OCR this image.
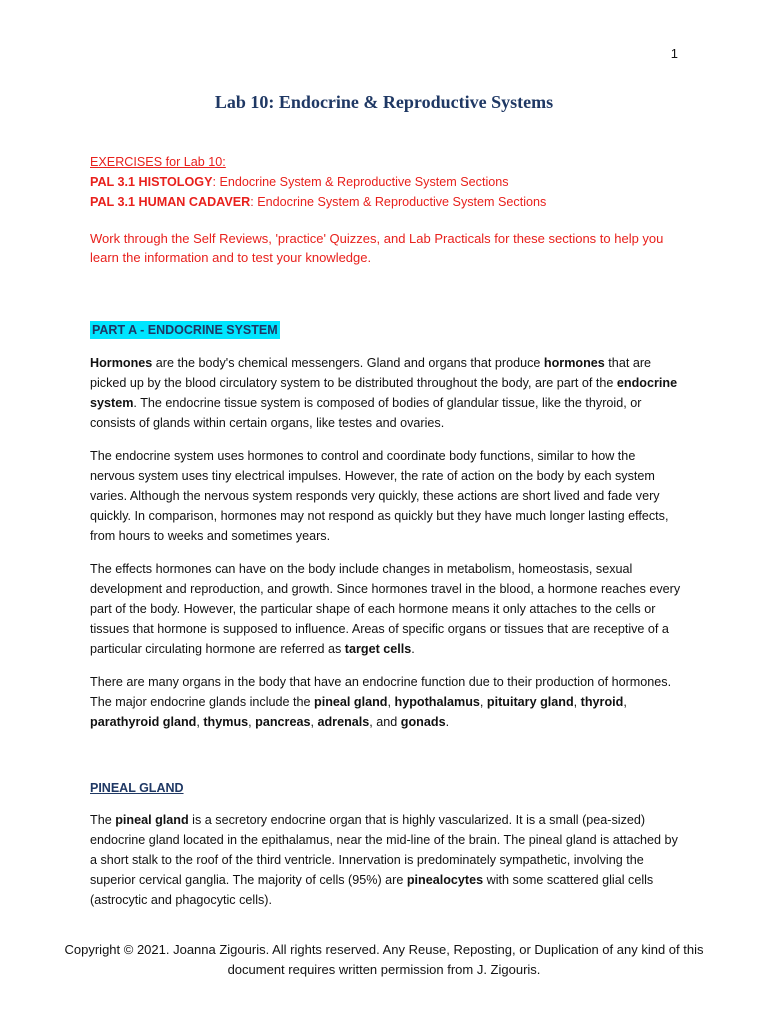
1
Lab 10: Endocrine & Reproductive Systems
EXERCISES for Lab 10:
PAL 3.1 HISTOLOGY: Endocrine System & Reproductive System Sections
PAL 3.1 HUMAN CADAVER: Endocrine System & Reproductive System Sections
Work through the Self Reviews, 'practice' Quizzes, and Lab Practicals for these sections to help you learn the information and to test your knowledge.
PART A - ENDOCRINE SYSTEM

Hormones are the body's chemical messengers. Gland and organs that produce hormones that are picked up by the blood circulatory system to be distributed throughout the body, are part of the endocrine system. The endocrine tissue system is composed of bodies of glandular tissue, like the thyroid, or consists of glands within certain organs, like testes and ovaries.

The endocrine system uses hormones to control and coordinate body functions, similar to how the nervous system uses tiny electrical impulses. However, the rate of action on the body by each system varies. Although the nervous system responds very quickly, these actions are short lived and fade very quickly. In comparison, hormones may not respond as quickly but they have much longer lasting effects, from hours to weeks and sometimes years.

The effects hormones can have on the body include changes in metabolism, homeostasis, sexual development and reproduction, and growth. Since hormones travel in the blood, a hormone reaches every part of the body. However, the particular shape of each hormone means it only attaches to the cells or tissues that hormone is supposed to influence. Areas of specific organs or tissues that are receptive of a particular circulating hormone are referred as target cells.

There are many organs in the body that have an endocrine function due to their production of hormones. The major endocrine glands include the pineal gland, hypothalamus, pituitary gland, thyroid, parathyroid gland, thymus, pancreas, adrenals, and gonads.

PINEAL GLAND

The pineal gland is a secretory endocrine organ that is highly vascularized. It is a small (pea-sized) endocrine gland located in the epithalamus, near the mid-line of the brain. The pineal gland is attached by a short stalk to the roof of the third ventricle. Innervation is predominately sympathetic, involving the superior cervical ganglia. The majority of cells (95%) are pinealocytes with some scattered glial cells (astrocytic and phagocytic cells).

Copyright © 2021. Joanna Zigouris. All rights reserved. Any Reuse, Reposting, or Duplication of any kind of this document requires written permission from J. Zigouris.
